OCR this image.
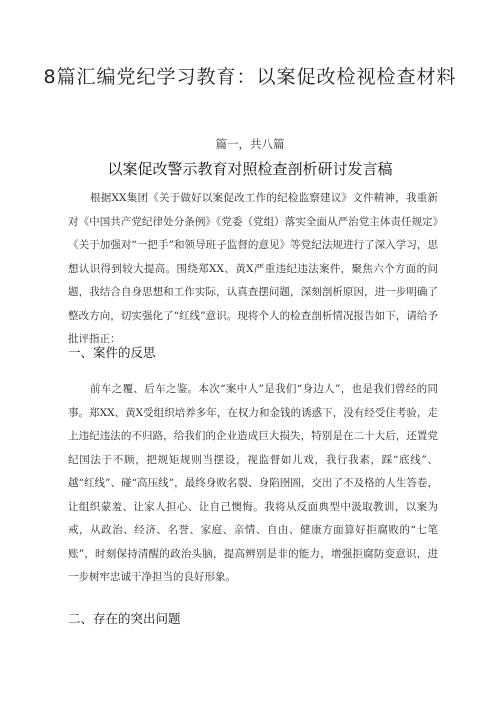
8篇汇编党纪学习教育：以案促改检视检查材料
篇一，共八篇
以案促改警示教育对照检查剖析研讨发言稿

根据XX集团《关于做好以案促改工作的纪检监察建议》文件精神，我重新对《中国共产党纪律处分条例》《党委（党组）落实全面从严治党主体责任规定》《关于加强对“一把手”和领导班子监督的意见》等党纪法规进行了深入学习，思想认识得到较大提高。围绕郑XX、黄X严重违纪违法案件，聚焦六个方面的问题，我结合自身思想和工作实际，认真查摆问题，深刻剖析原因，进一步明确了整改方向，切实强化了“红线”意识。现将个人的检查剖析情况报告如下，请给予批评指正：

一、案件的反思

前车之覆、后车之鉴。本次“案中人”是我们“身边人”，也是我们曾经的同事。郑XX、黄X受组织培养多年，在权力和金钱的诱惑下，没有经受住考验，走上违纪违法的不归路，给我们的企业造成巨大损失，特别是在二十大后，还置党纪国法于不顾，把规矩规则当摆设，视监督如儿戏，我行我素，踩“底线”、越“红线”、碰“高压线”，最终身败名裂、身陷囹圄，交出了不及格的人生答卷，让组织蒙羞、让家人担心、让自己懊悔。我将从反面典型中汲取教训，以案为戒，从政治、经济、名誉、家庭、亲情、自由、健康方面算好拒腐败的“七笔账”，时刻保持清醒的政治头脑，提高辨别是非的能力，增强拒腐防变意识，进一步树牢忠诚干净担当的良好形象。

二、存在的突出问题
